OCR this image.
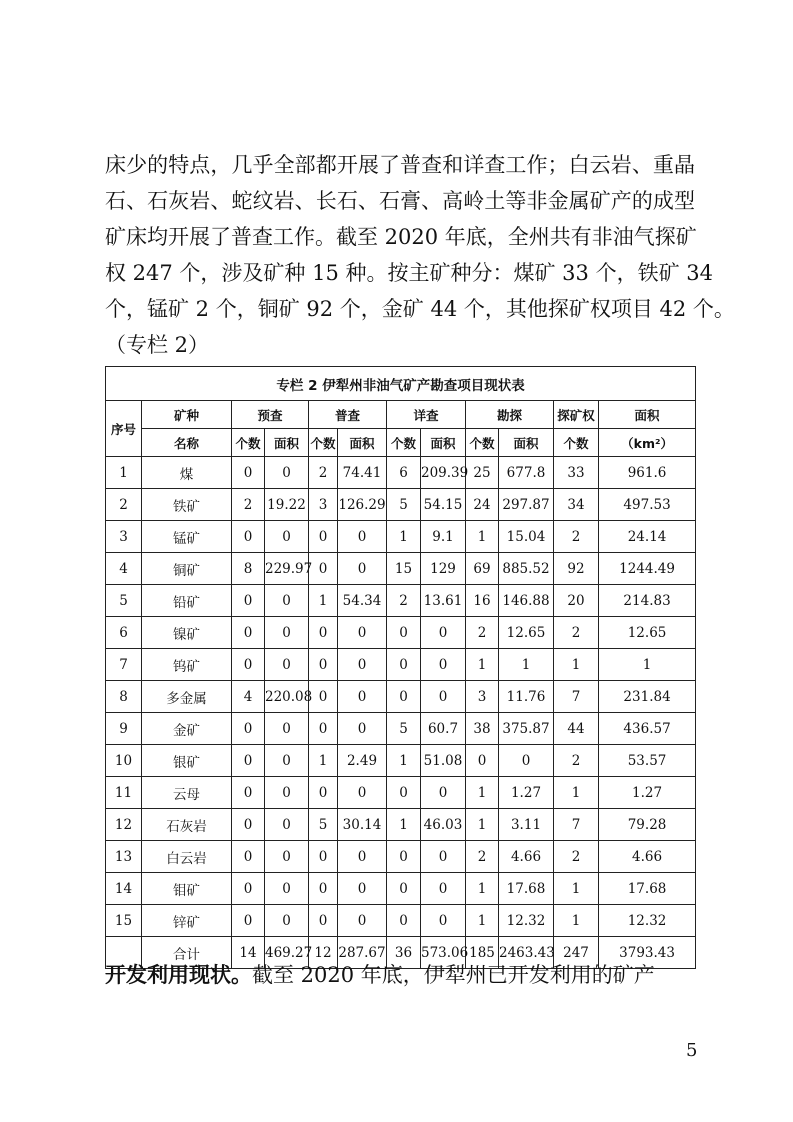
床少的特点，几乎全部都开展了普查和详查工作；白云岩、重晶
石、石灰岩、蛇纹岩、长石、石膏、高岭土等非金属矿产的成型
矿床均开展了普查工作。截至 2020 年底，全州共有非油气探矿
权 247 个，涉及矿种 15 种。按主矿种分：煤矿 33 个，铁矿 34
个，锰矿 2 个，铜矿 92 个，金矿 44 个，其他探矿权项目 42 个。
（专栏 2）
专栏 2 伊犁州非油气矿产勘查项目现状表											
序号	矿种	预查		普查		详查		勘探		探矿权	面积
	名称	个数	面积	个数	面积	个数	面积	个数	面积	个数	（km²）
1	煤	0	0	2	74.41	6	209.39	25	677.8	33	961.6
2	铁矿	2	19.22	3	126.29	5	54.15	24	297.87	34	497.53
3	锰矿	0	0	0	0	1	9.1	1	15.04	2	24.14
4	铜矿	8	229.97	0	0	15	129	69	885.52	92	1244.49
5	铅矿	0	0	1	54.34	2	13.61	16	146.88	20	214.83
6	镍矿	0	0	0	0	0	0	2	12.65	2	12.65
7	钨矿	0	0	0	0	0	0	1	1	1	1
8	多金属	4	220.08	0	0	0	0	3	11.76	7	231.84
9	金矿	0	0	0	0	5	60.7	38	375.87	44	436.57
10	银矿	0	0	1	2.49	1	51.08	0	0	2	53.57
11	云母	0	0	0	0	0	0	1	1.27	1	1.27
12	石灰岩	0	0	5	30.14	1	46.03	1	3.11	7	79.28
13	白云岩	0	0	0	0	0	0	2	4.66	2	4.66
14	钼矿	0	0	0	0	0	0	1	17.68	1	17.68
15	锌矿	0	0	0	0	0	0	1	12.32	1	12.32
	合计	14	469.27	12	287.67	36	573.06	185	2463.43	247	3793.43
开发利用现状。截至 2020 年底，伊犁州已开发利用的矿产
5
